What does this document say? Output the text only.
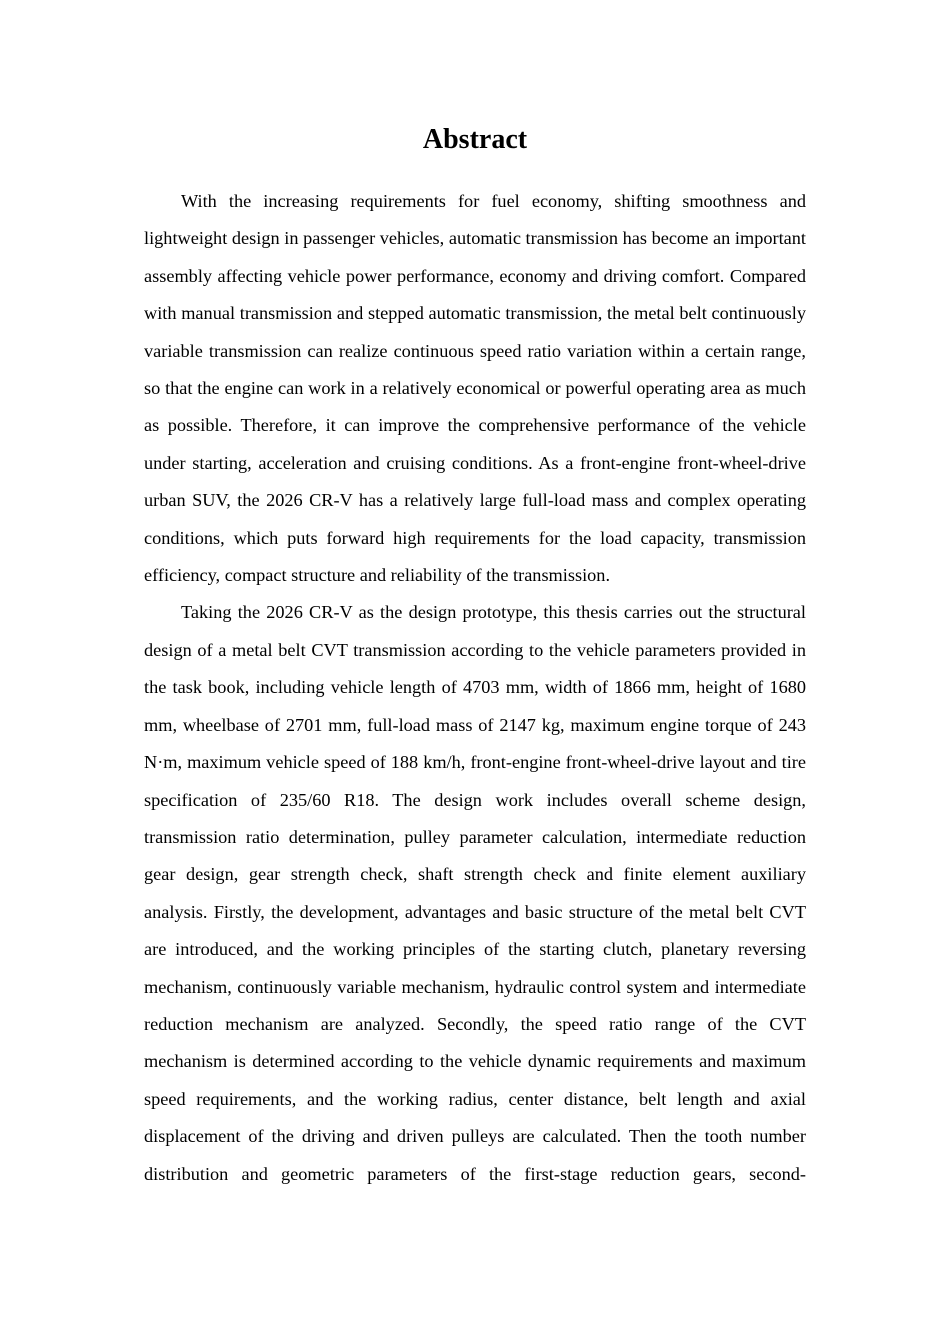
Abstract

With the increasing requirements for fuel economy, shifting smoothness and lightweight design in passenger vehicles, automatic transmission has become an important assembly affecting vehicle power performance, economy and driving comfort. Compared with manual transmission and stepped automatic transmission, the metal belt continuously variable transmission can realize continuous speed ratio variation within a certain range, so that the engine can work in a relatively economical or powerful operating area as much as possible. Therefore, it can improve the comprehensive performance of the vehicle under starting, acceleration and cruising conditions. As a front-engine front-wheel-drive urban SUV, the 2026 CR-V has a relatively large full-load mass and complex operating conditions, which puts forward high requirements for the load capacity, transmission efficiency, compact structure and reliability of the transmission.

Taking the 2026 CR-V as the design prototype, this thesis carries out the structural design of a metal belt CVT transmission according to the vehicle parameters provided in the task book, including vehicle length of 4703 mm, width of 1866 mm, height of 1680 mm, wheelbase of 2701 mm, full-load mass of 2147 kg, maximum engine torque of 243 N·m, maximum vehicle speed of 188 km/h, front-engine front-wheel-drive layout and tire specification of 235/60 R18. The design work includes overall scheme design, transmission ratio determination, pulley parameter calculation, intermediate reduction gear design, gear strength check, shaft strength check and finite element auxiliary analysis. Firstly, the development, advantages and basic structure of the metal belt CVT are introduced, and the working principles of the starting clutch, planetary reversing mechanism, continuously variable mechanism, hydraulic control system and intermediate reduction mechanism are analyzed. Secondly, the speed ratio range of the CVT mechanism is determined according to the vehicle dynamic requirements and maximum speed requirements, and the working radius, center distance, belt length and axial displacement of the driving and driven pulleys are calculated. Then the tooth number distribution and geometric parameters of the first-stage reduction gears, second-
